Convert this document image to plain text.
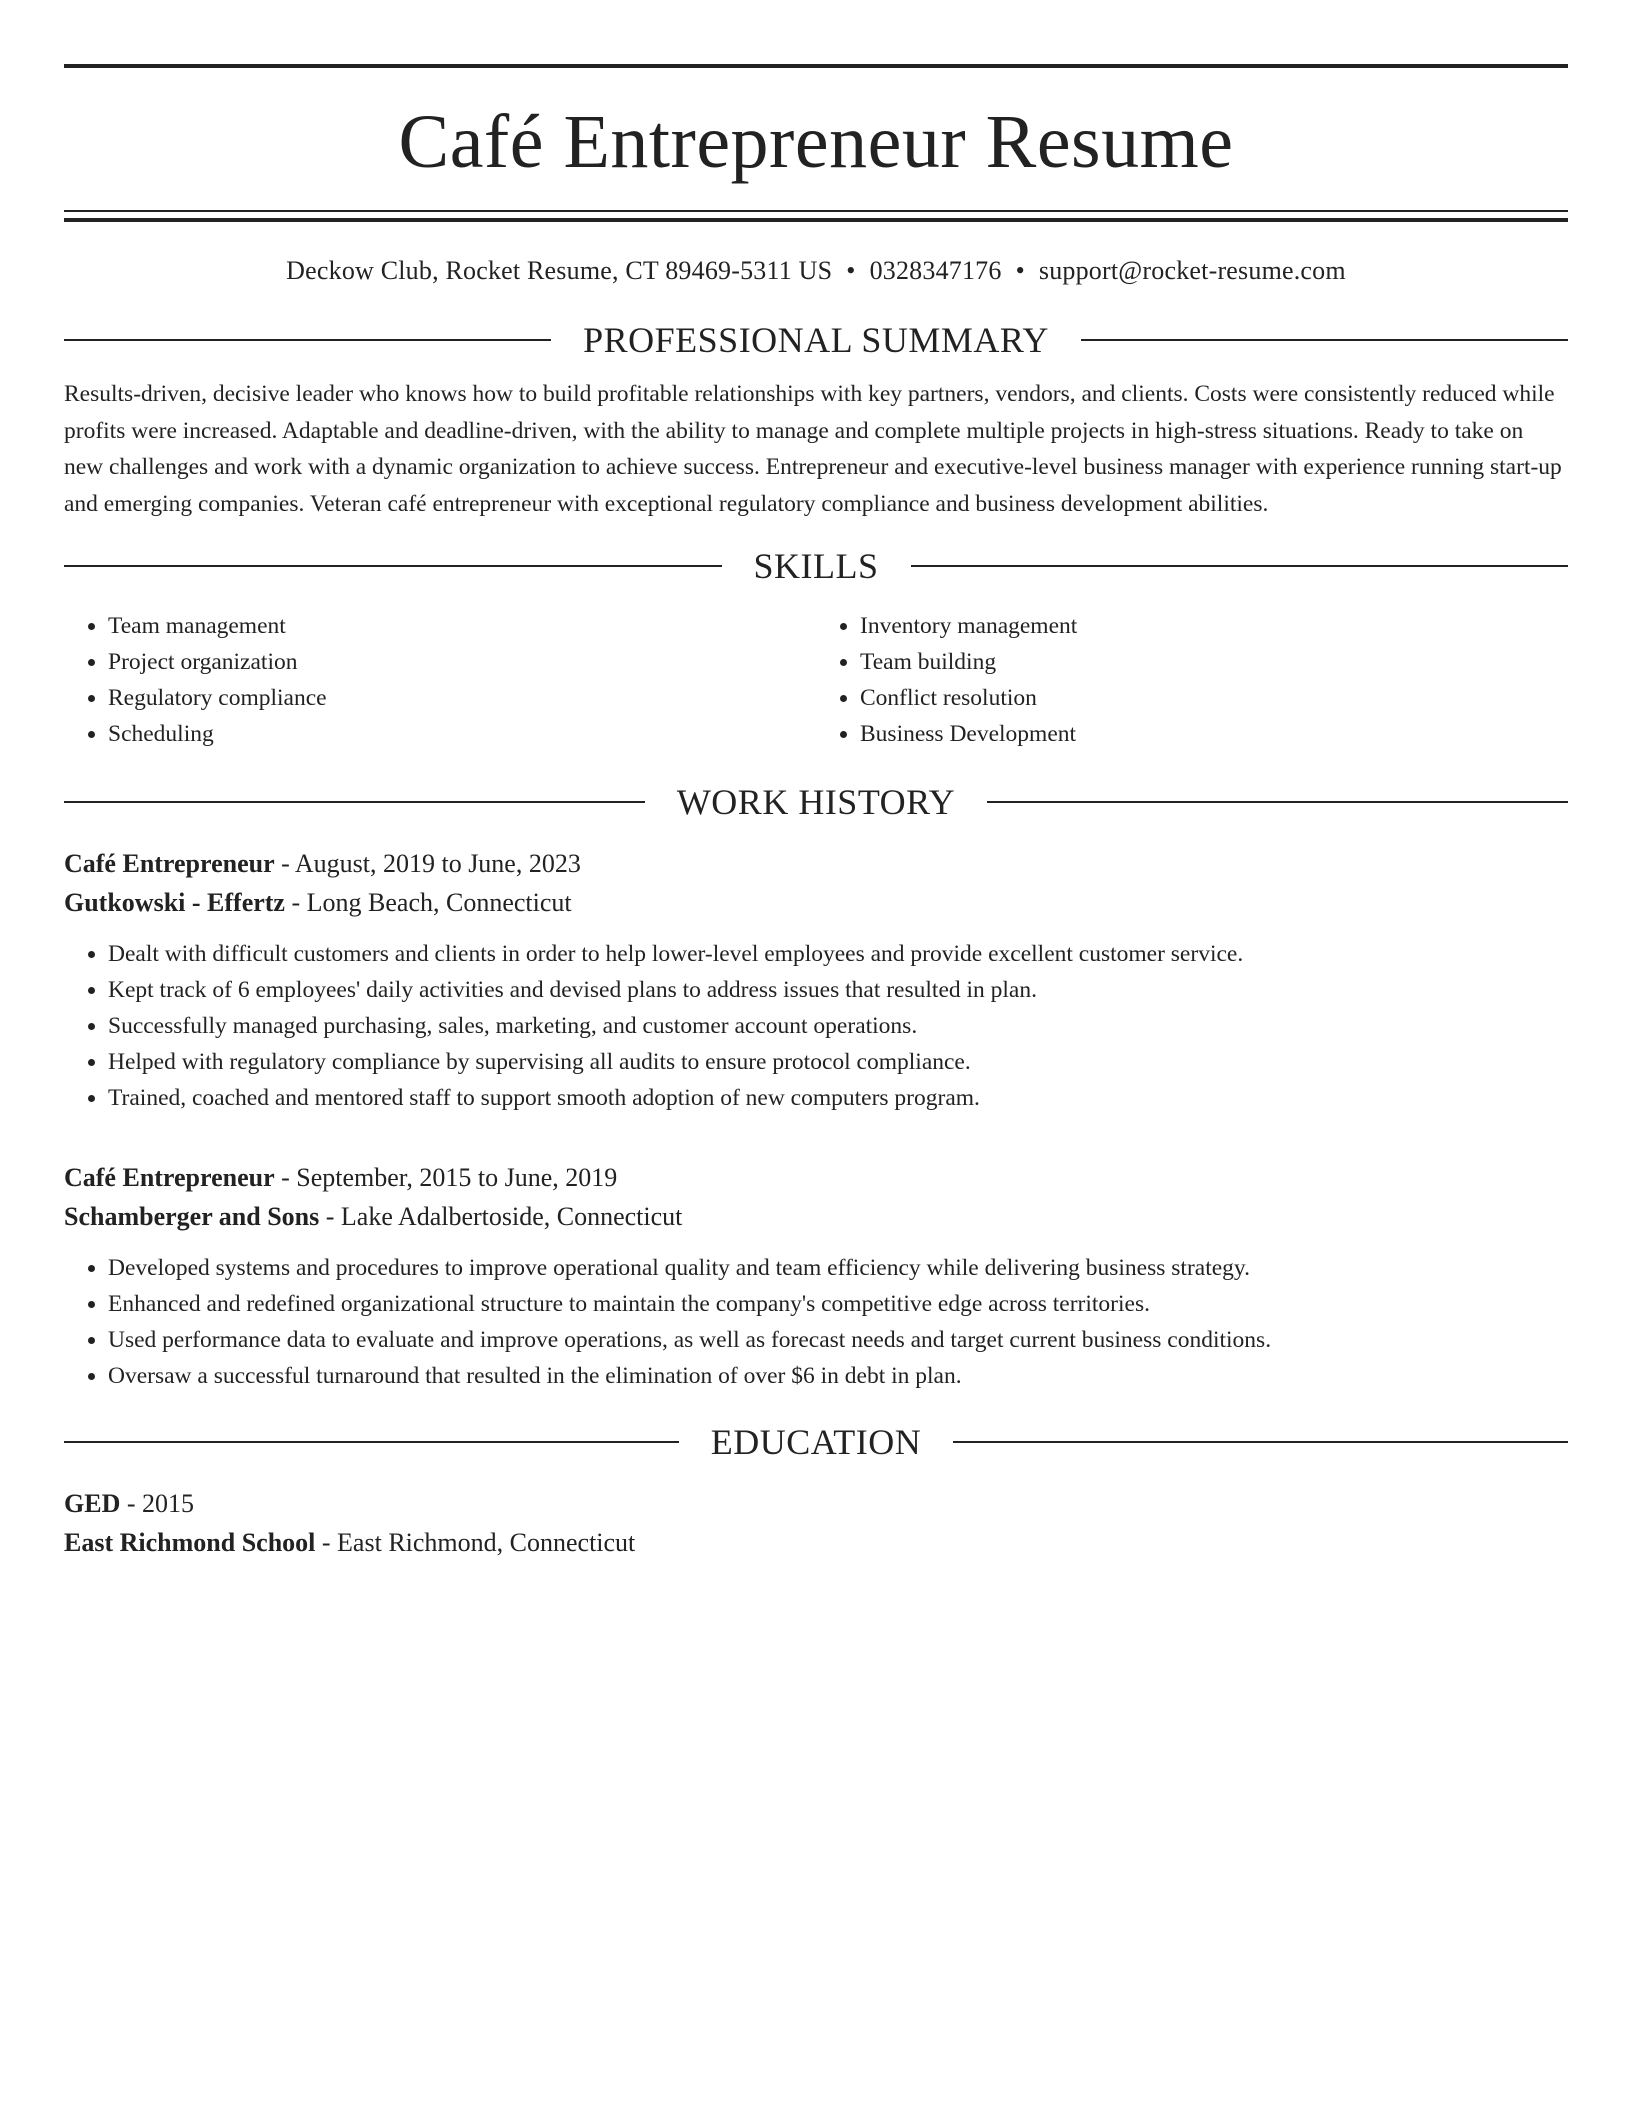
Café Entrepreneur Resume
Deckow Club, Rocket Resume, CT 89469-5311 US • 0328347176 • support@rocket-resume.com
PROFESSIONAL SUMMARY
Results-driven, decisive leader who knows how to build profitable relationships with key partners, vendors, and clients. Costs were consistently reduced while profits were increased. Adaptable and deadline-driven, with the ability to manage and complete multiple projects in high-stress situations. Ready to take on new challenges and work with a dynamic organization to achieve success. Entrepreneur and executive-level business manager with experience running start-up and emerging companies. Veteran café entrepreneur with exceptional regulatory compliance and business development abilities.
SKILLS
• Team management
• Project organization
• Regulatory compliance
• Scheduling
• Inventory management
• Team building
• Conflict resolution
• Business Development
WORK HISTORY
Café Entrepreneur - August, 2019 to June, 2023
Gutkowski - Effertz - Long Beach, Connecticut
• Dealt with difficult customers and clients in order to help lower-level employees and provide excellent customer service.
• Kept track of 6 employees' daily activities and devised plans to address issues that resulted in plan.
• Successfully managed purchasing, sales, marketing, and customer account operations.
• Helped with regulatory compliance by supervising all audits to ensure protocol compliance.
• Trained, coached and mentored staff to support smooth adoption of new computers program.
Café Entrepreneur - September, 2015 to June, 2019
Schamberger and Sons - Lake Adalbertoside, Connecticut
• Developed systems and procedures to improve operational quality and team efficiency while delivering business strategy.
• Enhanced and redefined organizational structure to maintain the company's competitive edge across territories.
• Used performance data to evaluate and improve operations, as well as forecast needs and target current business conditions.
• Oversaw a successful turnaround that resulted in the elimination of over $6 in debt in plan.
EDUCATION
GED - 2015
East Richmond School - East Richmond, Connecticut
